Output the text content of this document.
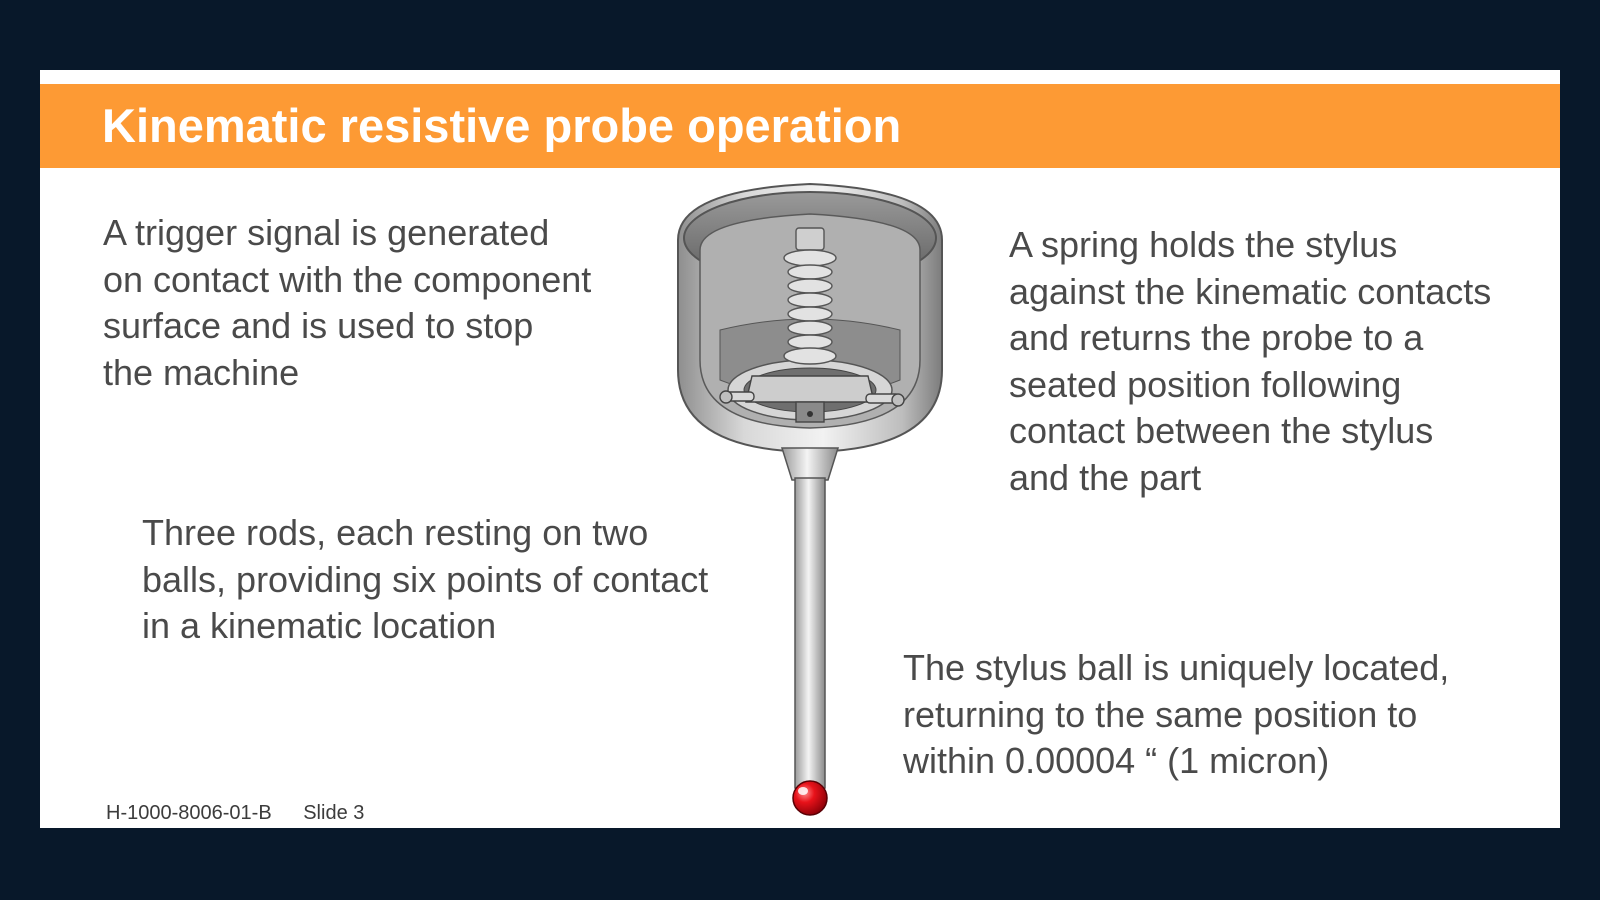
Kinematic resistive probe operation
A trigger signal is generated
on contact with the component
surface and is used to stop
the machine
A spring holds the stylus
against the kinematic contacts
and returns the probe to a
seated position following
contact between the stylus
and the part
Three rods, each resting on two
balls, providing six points of contact
in a kinematic location
The stylus ball is uniquely located,
returning to the same position to
within 0.00004 “ (1 micron)
H-1000-8006-01-B Slide 3
